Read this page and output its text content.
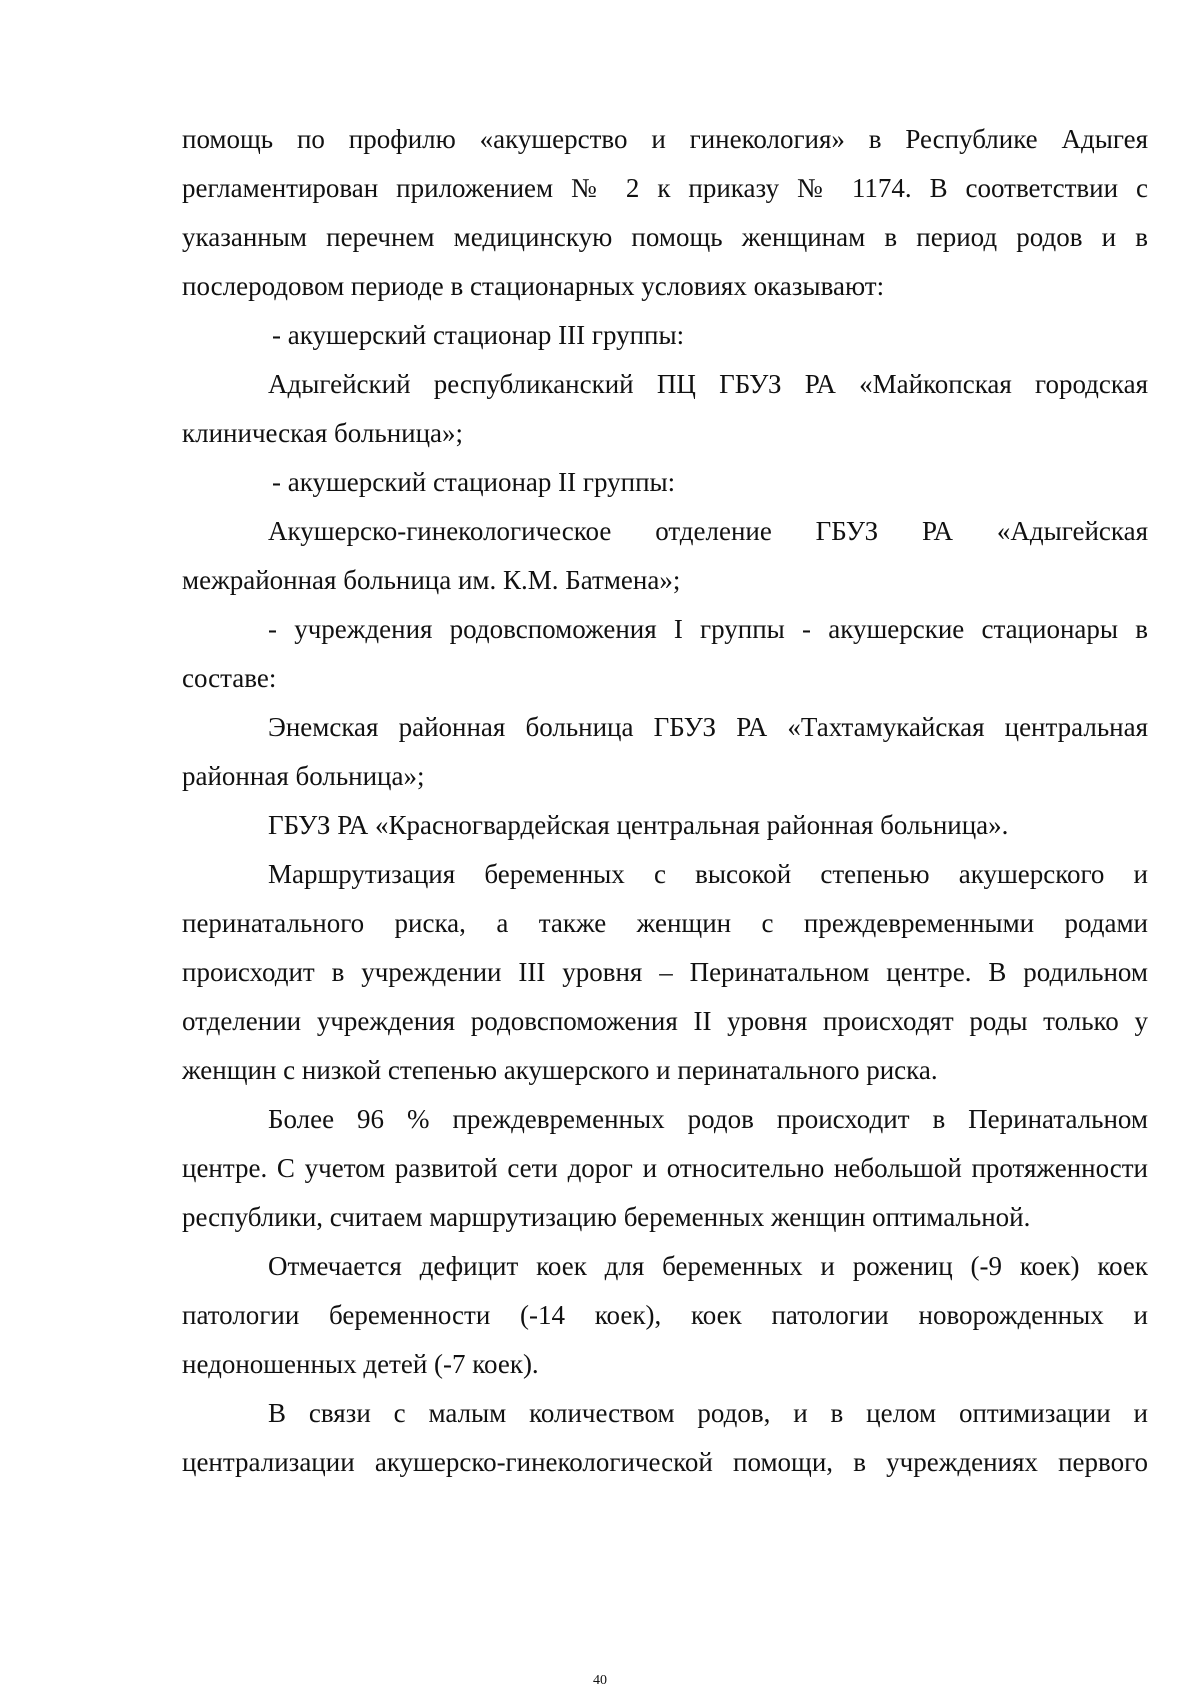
помощь по профилю «акушерство и гинекология» в Республике Адыгея

регламентирован приложением № 2 к приказу № 1174. В соответствии с

указанным перечнем медицинскую помощь женщинам в период родов и в

послеродовом периоде в стационарных условиях оказывают:

- акушерский стационар III группы:

Адыгейский республиканский ПЦ ГБУЗ РА «Майкопская городская

клиническая больница»;

- акушерский стационар II группы:

Акушерско-гинекологическое отделение ГБУЗ РА «Адыгейская

межрайонная больница им. К.М. Батмена»;

- учреждения родовспоможения I группы - акушерские стационары в

составе:

Энемская районная больница ГБУЗ РА «Тахтамукайская центральная

районная больница»;

ГБУЗ РА «Красногвардейская центральная районная больница».

Маршрутизация беременных с высокой степенью акушерского и

перинатального риска, а также женщин с преждевременными родами

происходит в учреждении III уровня – Перинатальном центре. В родильном

отделении учреждения родовспоможения II уровня происходят роды только у

женщин с низкой степенью акушерского и перинатального риска.

Более 96 % преждевременных родов происходит в Перинатальном

центре. С учетом развитой сети дорог и относительно небольшой протяженности

республики, считаем маршрутизацию беременных женщин оптимальной.

Отмечается дефицит коек для беременных и рожениц (-9 коек) коек

патологии беременности (-14 коек), коек патологии новорожденных и

недоношенных детей (-7 коек).

В связи с малым количеством родов, и в целом оптимизации и

централизации акушерско-гинекологической помощи, в учреждениях первого

40
